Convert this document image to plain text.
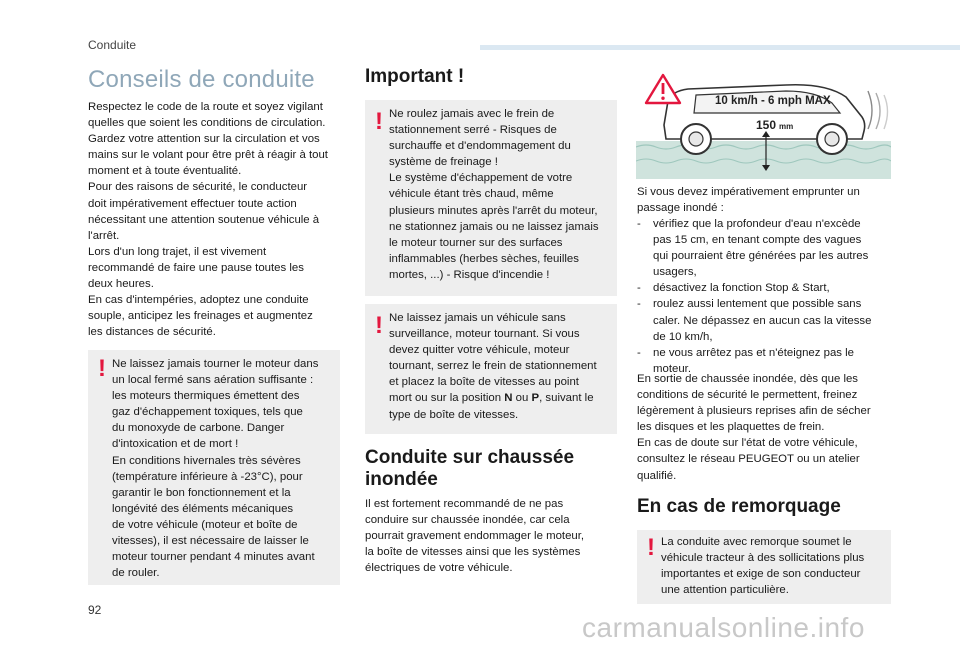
Conduite
Conseils de conduite

Respectez le code de la route et soyez vigilant
quelles que soient les conditions de circulation.
Gardez votre attention sur la circulation et vos
mains sur le volant pour être prêt à réagir à tout
moment et à toute éventualité.
Pour des raisons de sécurité, le conducteur
doit impérativement effectuer toute action
nécessitant une attention soutenue véhicule à
l'arrêt.
Lors d'un long trajet, il est vivement
recommandé de faire une pause toutes les
deux heures.
En cas d'intempéries, adoptez une conduite
souple, anticipez les freinages et augmentez
les distances de sécurité.

! Ne laissez jamais tourner le moteur dans
un local fermé sans aération suffisante :
les moteurs thermiques émettent des
gaz d'échappement toxiques, tels que
du monoxyde de carbone. Danger
d'intoxication et de mort !
En conditions hivernales très sévères
(température inférieure à -23°C), pour
garantir le bon fonctionnement et la
longévité des éléments mécaniques
de votre véhicule (moteur et boîte de
vitesses), il est nécessaire de laisser le
moteur tourner pendant 4 minutes avant
de rouler.

Important !
! Ne roulez jamais avec le frein de
stationnement serré - Risques de
surchauffe et d'endommagement du
système de freinage !
Le système d'échappement de votre
véhicule étant très chaud, même
plusieurs minutes après l'arrêt du moteur,
ne stationnez jamais ou ne laissez jamais
le moteur tourner sur des surfaces
inflammables (herbes sèches, feuilles
mortes, ...) - Risque d'incendie !

! Ne laissez jamais un véhicule sans
surveillance, moteur tournant. Si vous
devez quitter votre véhicule, moteur
tournant, serrez le frein de stationnement
et placez la boîte de vitesses au point
mort ou sur la position N ou P, suivant le
type de boîte de vitesses.

Conduite sur chaussée
inondée

Il est fortement recommandé de ne pas
conduire sur chaussée inondée, car cela
pourrait gravement endommager le moteur,
la boîte de vitesses ainsi que les systèmes
électriques de votre véhicule.

10 km/h - 6 mph MAX
150 mm

Si vous devez impérativement emprunter un
passage inondé :

- vérifiez que la profondeur d'eau n'excède
pas 15 cm, en tenant compte des vagues
qui pourraient être générées par les autres
usagers,
- désactivez la fonction Stop & Start,
- roulez aussi lentement que possible sans
caler. Ne dépassez en aucun cas la vitesse
de 10 km/h,
- ne vous arrêtez pas et n'éteignez pas le
moteur.

En sortie de chaussée inondée, dès que les
conditions de sécurité le permettent, freinez
légèrement à plusieurs reprises afin de sécher
les disques et les plaquettes de frein.
En cas de doute sur l'état de votre véhicule,
consultez le réseau PEUGEOT ou un atelier
qualifié.

En cas de remorquage
! La conduite avec remorque soumet le
véhicule tracteur à des sollicitations plus
importantes et exige de son conducteur
une attention particulière.

92
carmanualsonline.info
